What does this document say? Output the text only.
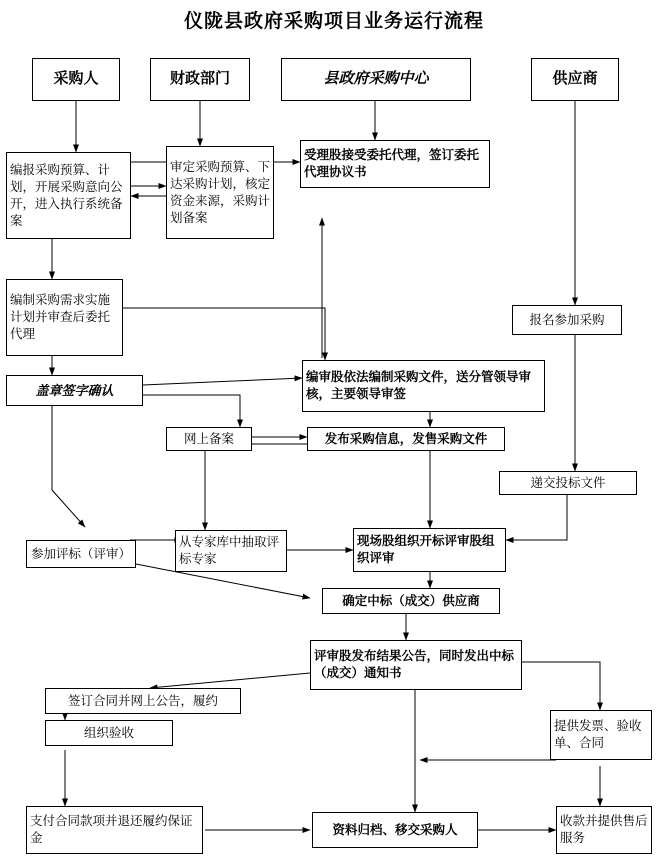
仪陇县政府采购项目业务运行流程
采购人	财政部门	县政府采购中心	供应商
编报采购预算、计划，开展采购意向公开，进入执行系统备案
审定采购预算、下达采购计划，核定资金来源，采购计划备案
受理股接受委托代理，签订委托代理协议书
编制采购需求实施计划并审查后委托代理
盖章签字确认
报名参加采购
编审股依法编制采购文件，送分管领导审核，主要领导审签
网上备案	发布采购信息，发售采购文件
递交投标文件
参加评标（评审）
从专家库中抽取评标专家
现场股组织开标评审股组织评审
确定中标（成交）供应商
评审股发布结果公告，同时发出中标（成交）通知书
签订合同并网上公告，履约
组织验收	提供发票、验收单、合同
支付合同款项并退还履约保证金
资料归档、移交采购人
收款并提供售后服务
